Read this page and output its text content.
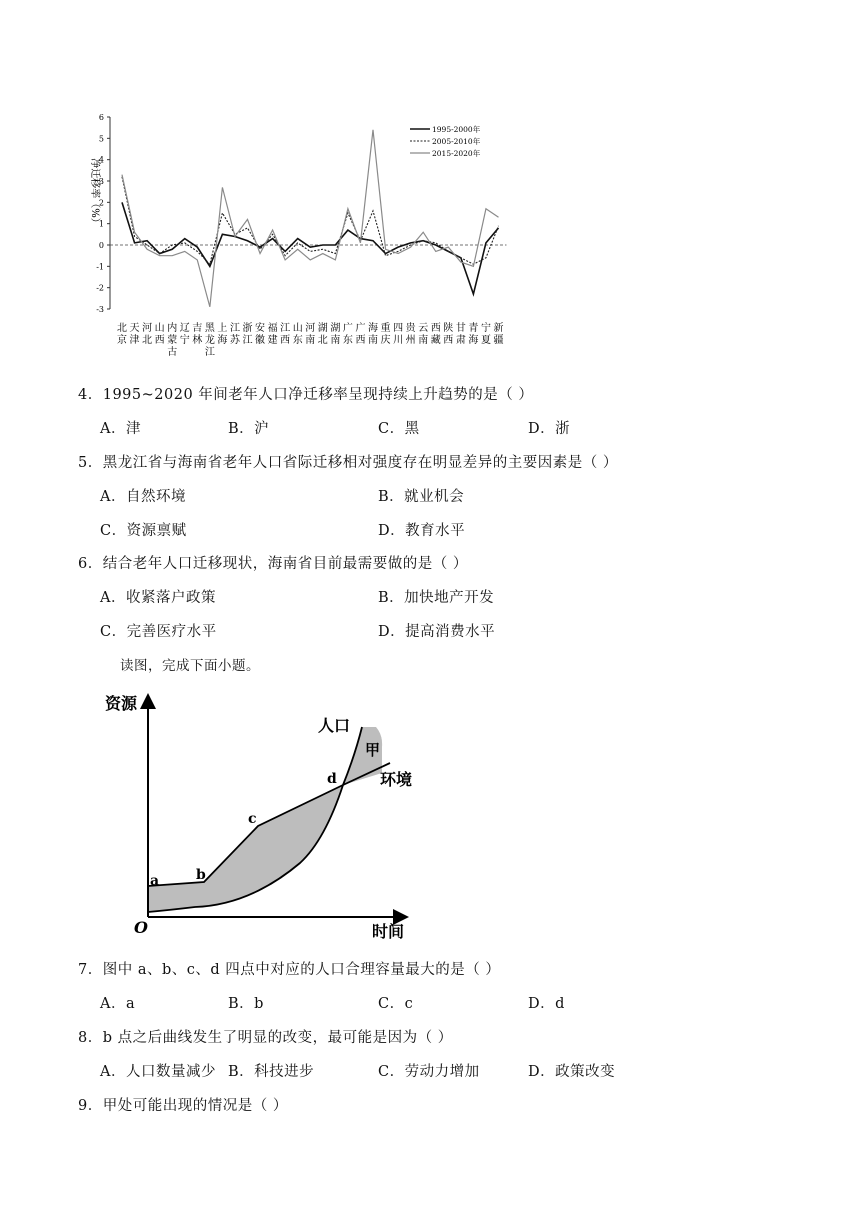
6
5
4
3
2
1
0
-1
-2
-3
净迁移率（%）
1995-2000年
2005-2010年
2015-2020年
北
京
天
津
河
北
山
西
内
蒙
古
辽
宁
吉
林
黑
龙
江
上
海
江
苏
浙
江
安
徽
福
建
江
西
山
东
河
南
湖
北
湖
南
广
东
广
西
海
南
重
庆
四
川
贵
州
云
南
西
藏
陕
西
甘
肃
青
海
宁
夏
新
疆
4．1995~2020 年间老年人口净迁移率呈现持续上升趋势的是（ ）
A．津	B．沪	C．黑	D．浙
5．黑龙江省与海南省老年人口省际迁移相对强度存在明显差异的主要因素是（ ）
A．自然环境	B．就业机会
C．资源禀赋	D．教育水平
6．结合老年人口迁移现状，海南省目前最需要做的是（ ）
A．收紧落户政策	B．加快地产开发
C．完善医疗水平	D．提高消费水平
读图，完成下面小题。
资源
时间
O
a	b
c
d
人口
环境
甲
7．图中 a、b、c、d 四点中对应的人口合理容量最大的是（ ）
A．a	B．b	C．c	D．d
8．b 点之后曲线发生了明显的改变，最可能是因为（ ）
A．人口数量减少 B．科技进步	C．劳动力增加	D．政策改变
9．甲处可能出现的情况是（ ）
